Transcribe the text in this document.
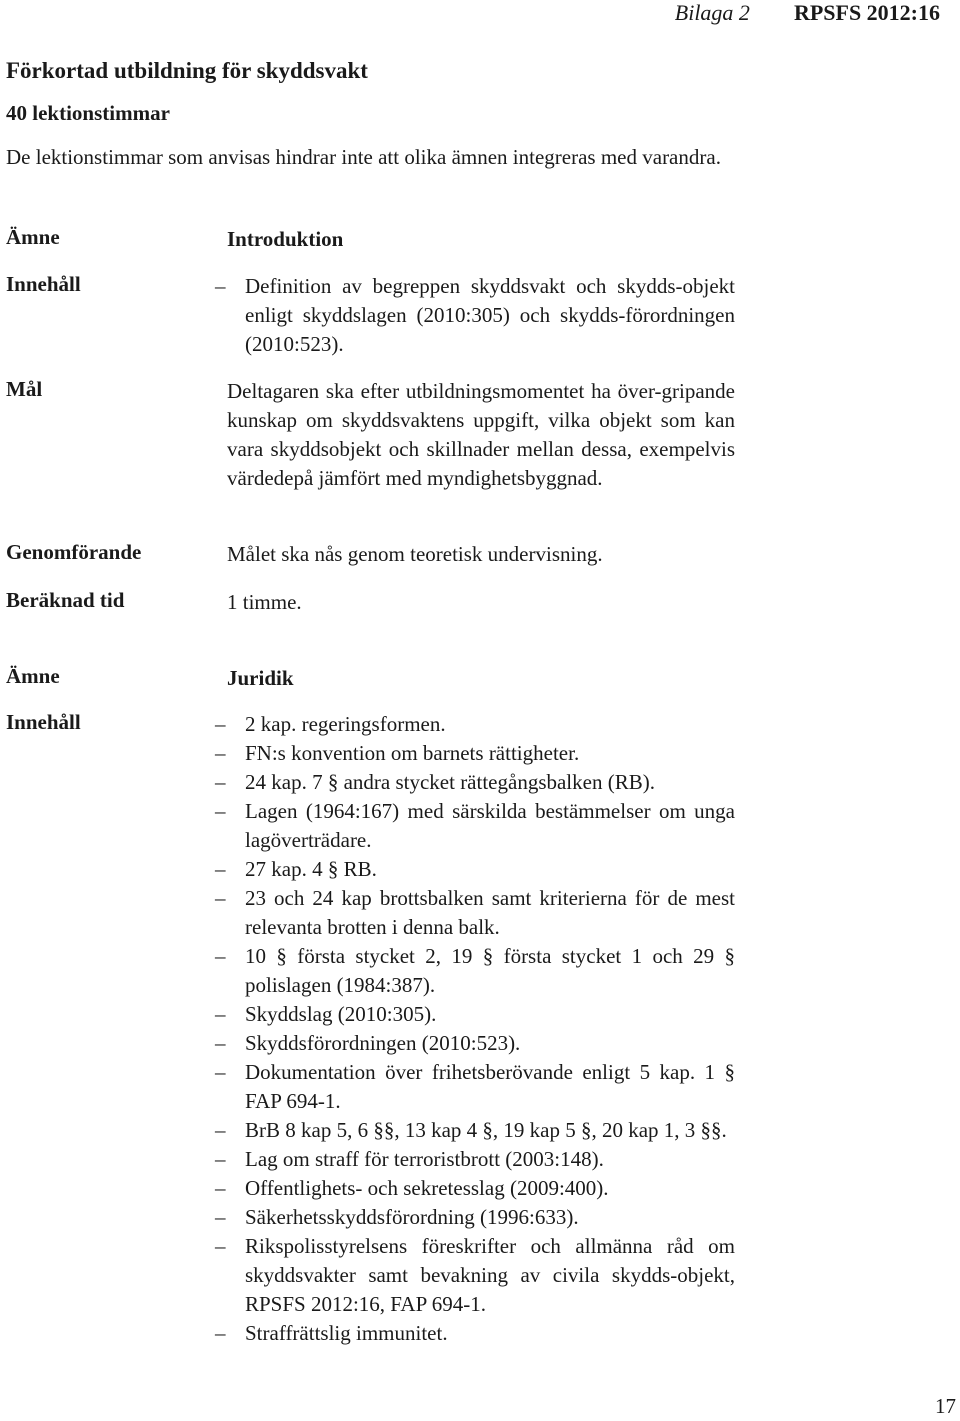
Bilaga 2 RPSFS 2012:16
Förkortad utbildning för skyddsvakt
40 lektionstimmar
De lektionstimmar som anvisas hindrar inte att olika ämnen integreras med varandra.
Ämne	Introduktion
Innehåll	– Definition av begreppen skyddsvakt och skydds-objekt enligt skyddslagen (2010:305) och skydds-förordningen (2010:523).
Mål	Deltagaren ska efter utbildningsmomentet ha över-gripande kunskap om skyddsvaktens uppgift, vilka objekt som kan vara skyddsobjekt och skillnader mellan dessa, exempelvis värdedepå jämfört med myndighetsbyggnad.
Genomförande	Målet ska nås genom teoretisk undervisning.
Beräknad tid	1 timme.
Ämne	Juridik
Innehåll	– 2 kap. regeringsformen.
– FN:s konvention om barnets rättigheter.
– 24 kap. 7 § andra stycket rättegångsbalken (RB).
– Lagen (1964:167) med särskilda bestämmelser om unga lagöverträdare.
– 27 kap. 4 § RB.
– 23 och 24 kap brottsbalken samt kriterierna för de mest relevanta brotten i denna balk.
– 10 § första stycket 2, 19 § första stycket 1 och 29 § polislagen (1984:387).
– Skyddslag (2010:305).
– Skyddsförordningen (2010:523).
– Dokumentation över frihetsberövande enligt 5 kap. 1 § FAP 694-1.
– BrB 8 kap 5, 6 §§, 13 kap 4 §, 19 kap 5 §, 20 kap 1, 3 §§.
– Lag om straff för terroristbrott (2003:148).
– Offentlighets- och sekretesslag (2009:400).
– Säkerhetsskyddsförordning (1996:633).
– Rikspolisstyrelsens föreskrifter och allmänna råd om skyddsvakter samt bevakning av civila skydds-objekt, RPSFS 2012:16, FAP 694-1.
– Straffrättslig immunitet.
17
